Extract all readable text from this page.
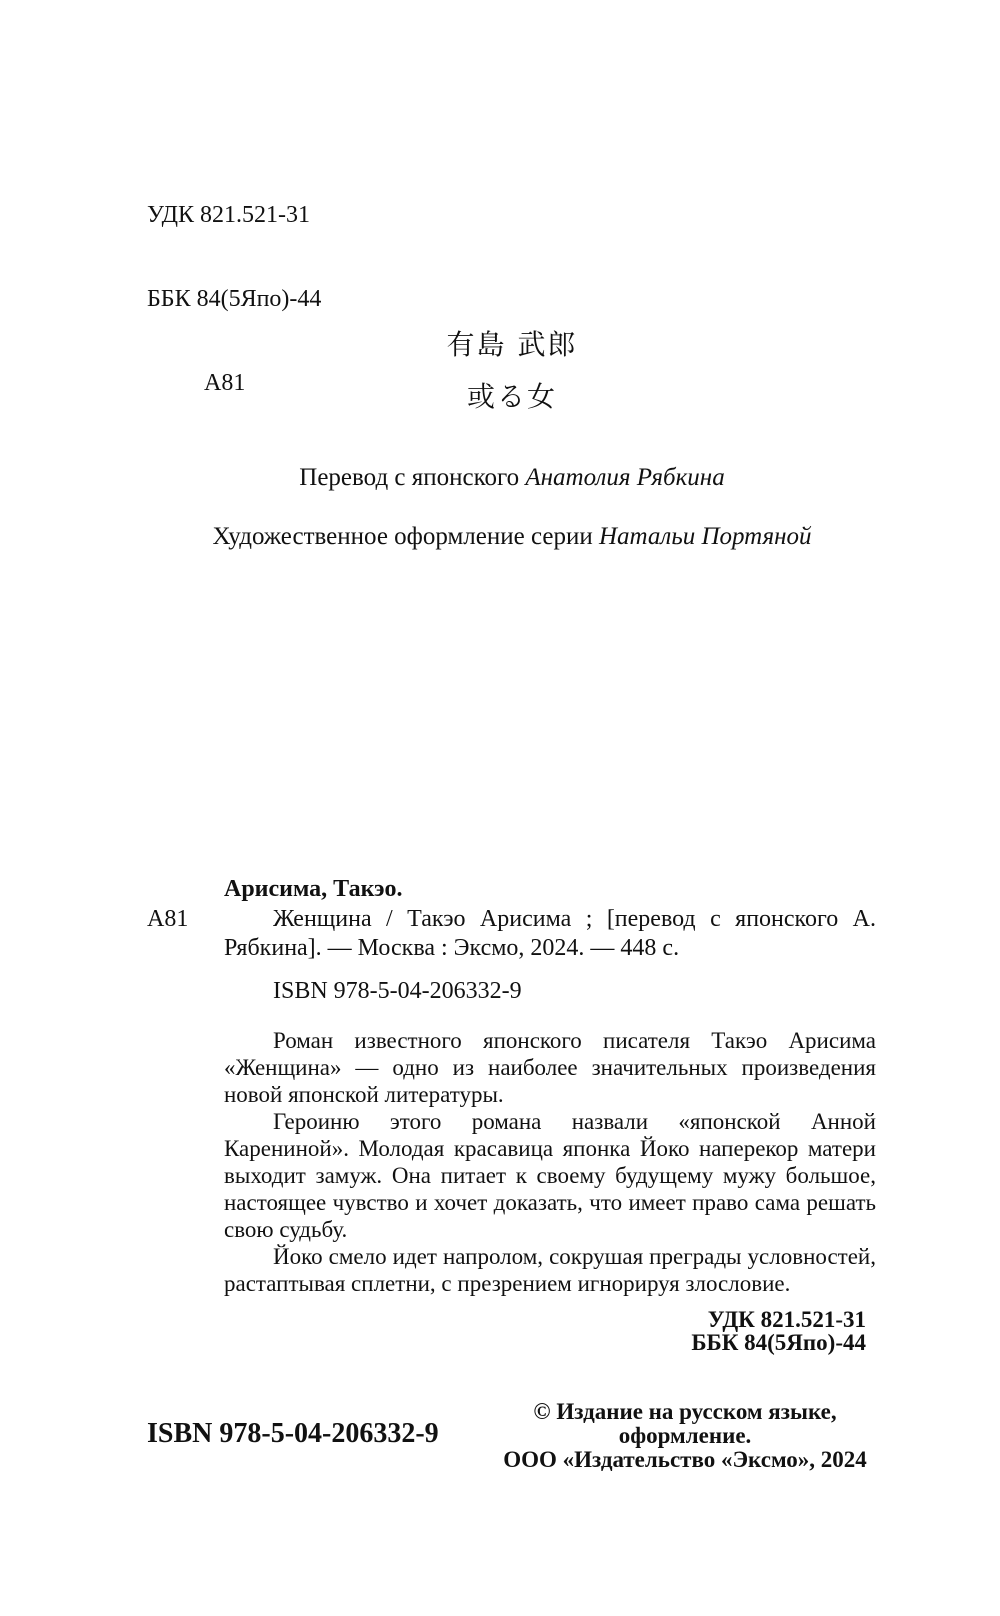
УДК 821.521-31

ББК 84(5Япо)-44

А81

有島 武郎
或る女
Перевод с японского Анатолия Рябкина
Художественное оформление серии Натальи Портяной
Арисима, Такэо.
А81	Женщина / Такэо Арисима ; [перевод с японского А. Рябкина]. — Москва : Эксмо, 2024. — 448 с.
ISBN 978-5-04-206332-9

Роман известного японского писателя Такэо Арисима «Женщина» — одно из наиболее значительных произведения новой японской литературы.

Героиню этого романа назвали «японской Анной Карениной». Молодая красавица японка Йоко наперекор матери выходит замуж. Она питает к своему будущему мужу большое, настоящее чувство и хочет доказать, что имеет право сама решать свою судьбу.

Йоко смело идет напролом, сокрушая преграды условностей, растаптывая сплетни, с презрением игнорируя злословие.

УДК 821.521-31
ББК 84(5Япо)-44
ISBN 978-5-04-206332-9
© Издание на русском языке, оформление.
ООО «Издательство «Эксмо», 2024
